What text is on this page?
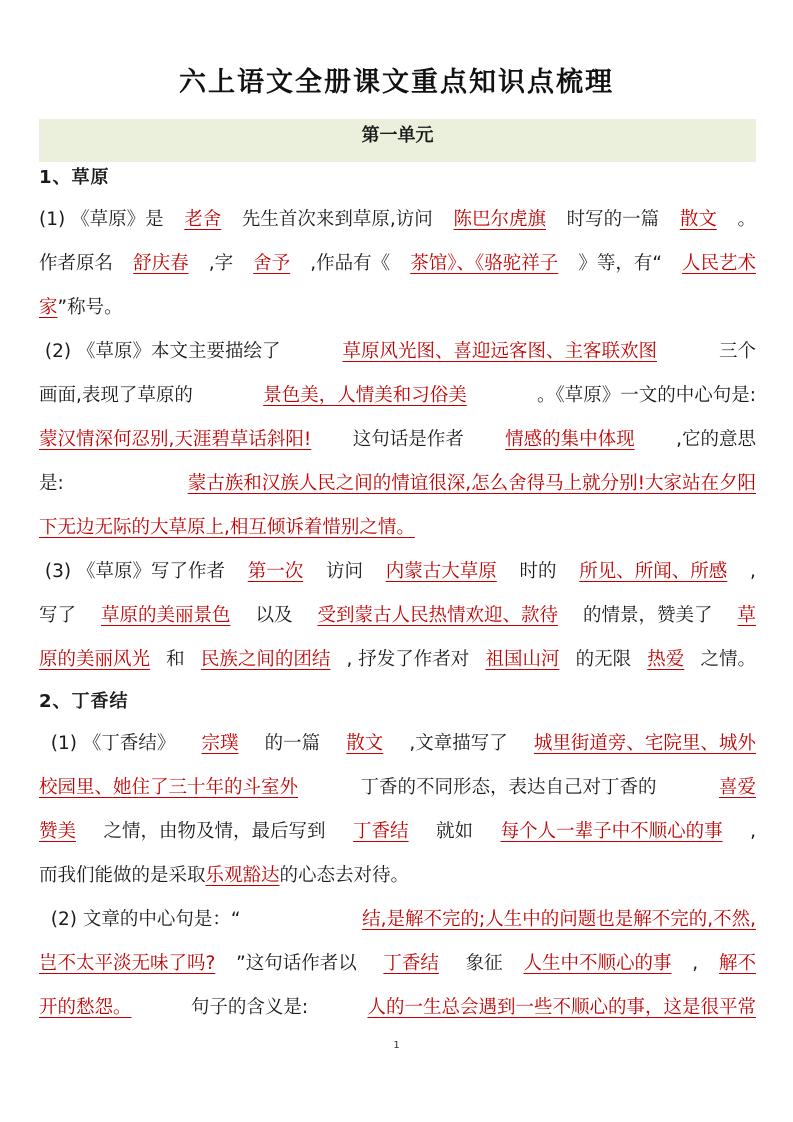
六上语文全册课文重点知识点梳理
第一单元
1、草原
(1) 《草原》是 老舍 先生首次来到草原,访问 陈巴尔虎旗 时写的一篇 散文 。
作者原名 舒庆春 ,字 舍予 ,作品有《 茶馆》、《骆驼祥子 》等，有“ 人民艺术
家 ”称号。
(2) 《草原》本文主要描绘了	草原风光图、喜迎远客图、主客联欢图	三个
画面,表现了草原的	景色美，人情美和习俗美	。《草原》一文的中心句是:
蒙汉情深何忍别,天涯碧草话斜阳! 这句话是作者 情感的集中体现 ,它的意思
是:	蒙古族和汉族人民之间的情谊很深,怎么舍得马上就分别!大家站在夕阳
下无边无际的大草原上,相互倾诉着惜别之情。
(3) 《草原》写了作者 第一次 访问 内蒙古大草原 时的 所见、所闻、所感 ,
写了 草原的美丽景色 以及 受到蒙古人民热情欢迎、款待 的情景，赞美了 草
原的美丽风光 和 民族之间的团结 , 抒发了作者对 祖国山河 的无限 热爱 之情。
2、丁香结
(1) 《丁香结》 宗璞 的一篇 散文 ,文章描写了 城里街道旁、宅院里、城外
校园里、她住了三十年的斗室外	丁香的不同形态，表达自己对丁香的	喜爱
赞美 之情，由物及情，最后写到 丁香结 就如 每个人一辈子中不顺心的事 ,
而我们能做的是采取 乐观豁达 的心态去对待。
(2) 文章的中心句是：“	结,是解不完的;人生中的问题也是解不完的,不然,
岂不太平淡无味了吗? ”这句话作者以 丁香结 象征 人生中不顺心的事 , 解不
开的愁怨。	句子的含义是:	人的一生总会遇到一些不顺心的事，这是很平常
1
